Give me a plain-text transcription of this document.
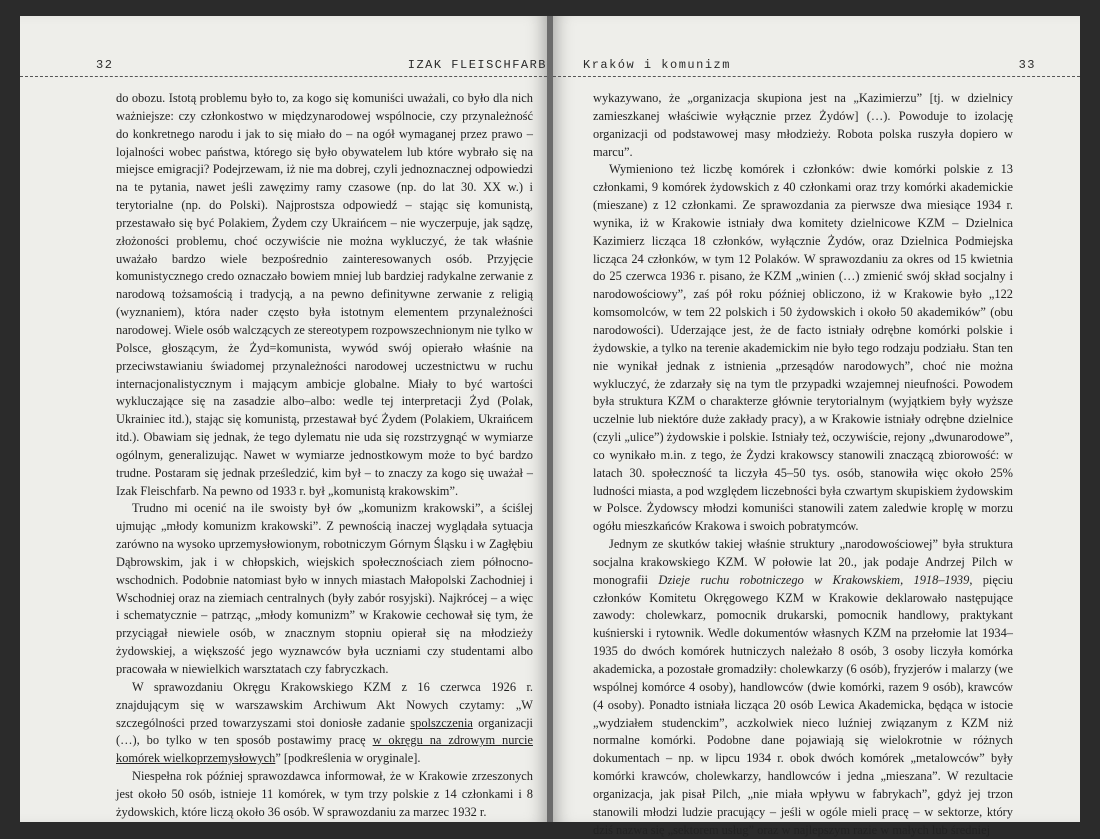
32	IZAK FLEISCHFARB

do obozu. Istotą problemu było to, za kogo się komuniści uważali, co było dla nich ważniejsze: czy członkostwo w międzynarodowej wspólnocie, czy przynależność do konkretnego narodu i jak to się miało do – na ogół wymaganej przez prawo – lojalności wobec państwa, którego się było obywatelem lub które wybrało się na miejsce emigracji? Podejrzewam, iż nie ma dobrej, czyli jednoznacznej odpowiedzi na te pytania, nawet jeśli zawęzimy ramy czasowe (np. do lat 30. XX w.) i terytorialne (np. do Polski). Najprostsza odpowiedź – stając się komunistą, przestawało się być Polakiem, Żydem czy Ukraińcem – nie wyczerpuje, jak sądzę, złożoności problemu, choć oczywiście nie można wykluczyć, że tak właśnie uważało bardzo wiele bezpośrednio zainteresowanych osób. Przyjęcie komunistycznego credo oznaczało bowiem mniej lub bardziej radykalne zerwanie z narodową tożsamością i tradycją, a na pewno definitywne zerwanie z religią (wyznaniem), która nader często była istotnym elementem przynależności narodowej. Wiele osób walczących ze stereotypem rozpowszechnionym nie tylko w Polsce, głoszącym, że Żyd=komunista, wywód swój opierało właśnie na przeciwstawianiu świadomej przynależności narodowej uczestnictwu w ruchu internacjonalistycznym i mającym ambicje globalne. Miały to być wartości wykluczające się na zasadzie albo–albo: wedle tej interpretacji Żyd (Polak, Ukrainiec itd.), stając się komunistą, przestawał być Żydem (Polakiem, Ukraińcem itd.). Obawiam się jednak, że tego dylematu nie uda się rozstrzygnąć w wymiarze ogólnym, generalizując. Nawet w wymiarze jednostkowym może to być bardzo trudne. Postaram się jednak prześledzić, kim był – to znaczy za kogo się uważał – Izak Fleischfarb. Na pewno od 1933 r. był „komunistą krakowskim”.

Trudno mi ocenić na ile swoisty był ów „komunizm krakowski”, a ściślej ujmując „młody komunizm krakowski”. Z pewnością inaczej wyglądała sytuacja zarówno na wysoko uprzemysłowionym, robotniczym Górnym Śląsku i w Zagłębiu Dąbrowskim, jak i w chłopskich, wiejskich społecznościach ziem północno-wschodnich. Podobnie natomiast było w innych miastach Małopolski Zachodniej i Wschodniej oraz na ziemiach centralnych (były zabór rosyjski). Najkrócej – a więc i schematycznie – patrząc, „młody komunizm” w Krakowie cechował się tym, że przyciągał niewiele osób, w znacznym stopniu opierał się na młodzieży żydowskiej, a większość jego wyznawców była uczniami czy studentami albo pracowała w niewielkich warsztatach czy fabryczkach.

W sprawozdaniu Okręgu Krakowskiego KZM z 16 czerwca 1926 r. znajdującym się w warszawskim Archiwum Akt Nowych czytamy: „W szczególności przed towarzyszami stoi doniosłe zadanie spolszczenia organizacji (…), bo tylko w ten sposób postawimy pracę w okręgu na zdrowym nurcie komórek wielkoprzemysłowych” [podkreślenia w oryginale].

Niespełna rok później sprawozdawca informował, że w Krakowie zrzeszonych jest około 50 osób, istnieje 11 komórek, w tym trzy polskie z 14 członkami i 8 żydowskich, które liczą około 36 osób. W sprawozdaniu za marzec 1932 r.

Kraków i komunizm	33

wykazywano, że „organizacja skupiona jest na „Kazimierzu” [tj. w dzielnicy zamieszkanej właściwie wyłącznie przez Żydów] (…). Powoduje to izolację organizacji od podstawowej masy młodzieży. Robota polska ruszyła dopiero w marcu”.

Wymieniono też liczbę komórek i członków: dwie komórki polskie z 13 członkami, 9 komórek żydowskich z 40 członkami oraz trzy komórki akademickie (mieszane) z 12 członkami. Ze sprawozdania za pierwsze dwa miesiące 1934 r. wynika, iż w Krakowie istniały dwa komitety dzielnicowe KZM – Dzielnica Kazimierz licząca 18 członków, wyłącznie Żydów, oraz Dzielnica Podmiejska licząca 24 członków, w tym 12 Polaków. W sprawozdaniu za okres od 15 kwietnia do 25 czerwca 1936 r. pisano, że KZM „winien (…) zmienić swój skład socjalny i narodowościowy”, zaś pół roku później obliczono, iż w Krakowie było „122 komsomolców, w tem 22 polskich i 50 żydowskich i około 50 akademików” (obu narodowości). Uderzające jest, że de facto istniały odrębne komórki polskie i żydowskie, a tylko na terenie akademickim nie było tego rodzaju podziału. Stan ten nie wynikał jednak z istnienia „przesądów narodowych”, choć nie można wykluczyć, że zdarzały się na tym tle przypadki wzajemnej nieufności. Powodem była struktura KZM o charakterze głównie terytorialnym (wyjątkiem były wyższe uczelnie lub niektóre duże zakłady pracy), a w Krakowie istniały odrębne dzielnice (czyli „ulice”) żydowskie i polskie. Istniały też, oczywiście, rejony „dwunarodowe”, co wynikało m.in. z tego, że Żydzi krakowscy stanowili znaczącą zbiorowość: w latach 30. społeczność ta liczyła 45–50 tys. osób, stanowiła więc około 25% ludności miasta, a pod względem liczebności była czwartym skupiskiem żydowskim w Polsce. Żydowscy młodzi komuniści stanowili zatem zaledwie kroplę w morzu ogółu mieszkańców Krakowa i swoich pobratymców.

Jednym ze skutków takiej właśnie struktury „narodowościowej” była struktura socjalna krakowskiego KZM. W połowie lat 20., jak podaje Andrzej Pilch w monografii Dzieje ruchu robotniczego w Krakowskiem, 1918–1939, pięciu członków Komitetu Okręgowego KZM w Krakowie deklarowało następujące zawody: cholewkarz, pomocnik drukarski, pomocnik handlowy, praktykant kuśnierski i rytownik. Wedle dokumentów własnych KZM na przełomie lat 1934–1935 do dwóch komórek hutniczych należało 8 osób, 3 osoby liczyła komórka akademicka, a pozostałe gromadziły: cholewkarzy (6 osób), fryzjerów i malarzy (we wspólnej komórce 4 osoby), handlowców (dwie komórki, razem 9 osób), krawców (4 osoby). Ponadto istniała licząca 20 osób Lewica Akademicka, będąca w istocie „wydziałem studenckim”, aczkolwiek nieco luźniej związanym z KZM niż normalne komórki. Podobne dane pojawiają się wielokrotnie w różnych dokumentach – np. w lipcu 1934 r. obok dwóch komórek „metalowców” były komórki krawców, cholewkarzy, handlowców i jedna „mieszana”. W rezultacie organizacja, jak pisał Pilch, „nie miała wpływu w fabrykach”, gdyż jej trzon stanowili młodzi ludzie pracujący – jeśli w ogóle mieli pracę – w sektorze, który dziś nazwa się „sektorem usług” oraz w najlepszym razie w małych lub średniej
